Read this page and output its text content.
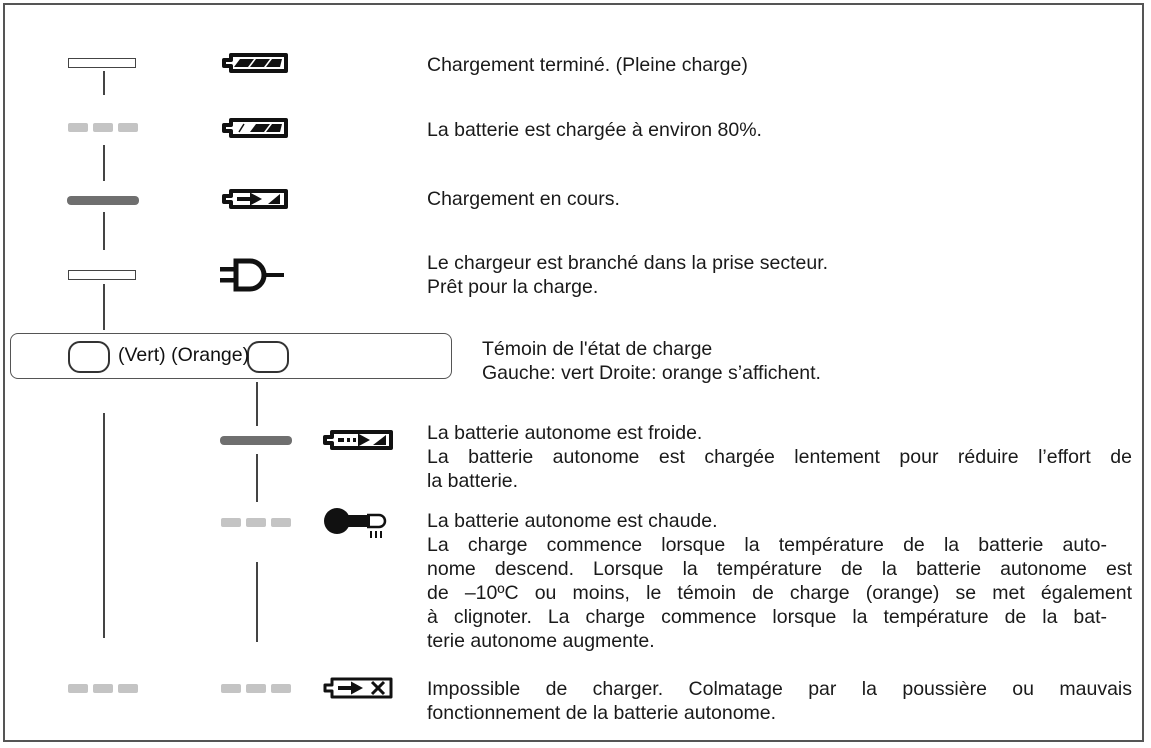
Chargement terminé. (Pleine charge)
La batterie est chargée à environ 80%.
Chargement en cours.
Le chargeur est branché dans la prise secteur.
Prêt pour la charge.
(Vert) (Orange)	Témoin de l'état de charge
Gauche: vert Droite: orange s’affichent.
La batterie autonome est froide.
La batterie autonome est chargée lentement pour réduire l’effort de
la batterie.
La batterie autonome est chaude.
La charge commence lorsque la température de la batterie auto-
nome descend. Lorsque la température de la batterie autonome est
de –10ºC ou moins, le témoin de charge (orange) se met également
à clignoter. La charge commence lorsque la température de la bat-
terie autonome augmente.
Impossible de charger. Colmatage par la poussière ou mauvais
fonctionnement de la batterie autonome.
